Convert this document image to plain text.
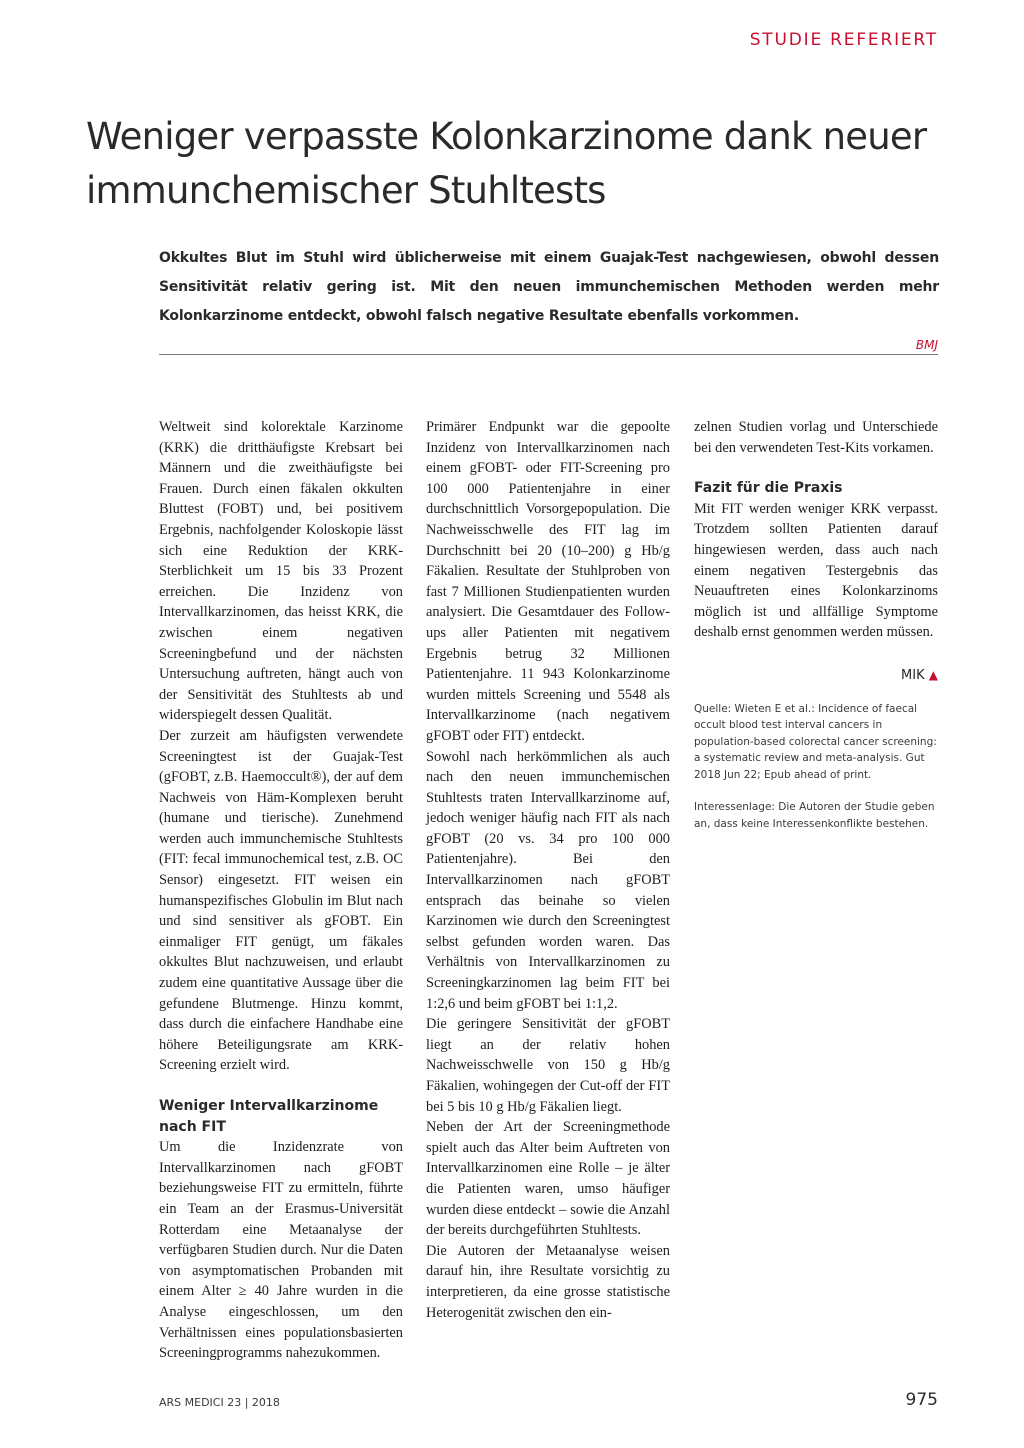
STUDIE REFERIERT
Weniger verpasste Kolonkarzinome dank neuer immunchemischer Stuhltests

Okkultes Blut im Stuhl wird üblicherweise mit einem Guajak-Test nachgewiesen, obwohl dessen Sensitivität relativ gering ist. Mit den neuen immunchemischen Methoden werden mehr Kolonkarzinome entdeckt, obwohl falsch negative Resultate ebenfalls vorkommen.

BMJ

Weltweit sind kolorektale Karzinome (KRK) die dritthäufigste Krebsart bei Männern und die zweithäufigste bei Frauen. Durch einen fäkalen okkulten Bluttest (FOBT) und, bei positivem Ergebnis, nachfolgender Koloskopie lässt sich eine Reduktion der KRK-Sterblichkeit um 15 bis 33 Prozent erreichen. Die Inzidenz von Intervallkarzinomen, das heisst KRK, die zwischen einem negativen Screeningbefund und der nächsten Untersuchung auftreten, hängt auch von der Sensitivität des Stuhltests ab und widerspiegelt dessen Qualität.

Der zurzeit am häufigsten verwendete Screeningtest ist der Guajak-Test (gFOBT, z.B. Haemoccult®), der auf dem Nachweis von Häm-Komplexen beruht (humane und tierische). Zunehmend werden auch immunchemische Stuhltests (FIT: fecal immunochemical test, z.B. OC Sensor) eingesetzt. FIT weisen ein humanspezifisches Globulin im Blut nach und sind sensitiver als gFOBT. Ein einmaliger FIT genügt, um fäkales okkultes Blut nachzuweisen, und erlaubt zudem eine quantitative Aussage über die gefundene Blutmenge. Hinzu kommt, dass durch die einfachere Handhabe eine höhere Beteiligungsrate am KRK-Screening erzielt wird.

Weniger Intervallkarzinome nach FIT

Um die Inzidenzrate von Intervallkarzinomen nach gFOBT beziehungsweise FIT zu ermitteln, führte ein Team an der Erasmus-Universität Rotterdam eine Metaanalyse der verfügbaren Studien durch. Nur die Daten von asymptomatischen Probanden mit einem Alter ≥ 40 Jahre wurden in die Analyse eingeschlossen, um den Verhältnissen eines populationsbasierten Screeningprogramms nahezukommen.

Primärer Endpunkt war die gepoolte Inzidenz von Intervallkarzinomen nach einem gFOBT- oder FIT-Screening pro 100 000 Patientenjahre in einer durchschnittlich Vorsorgepopulation. Die Nachweisschwelle des FIT lag im Durchschnitt bei 20 (10–200) g Hb/g Fäkalien. Resultate der Stuhlproben von fast 7 Millionen Studienpatienten wurden analysiert. Die Gesamtdauer des Follow-ups aller Patienten mit negativem Ergebnis betrug 32 Millionen Patientenjahre. 11 943 Kolonkarzinome wurden mittels Screening und 5548 als Intervallkarzinome (nach negativem gFOBT oder FIT) entdeckt.

Sowohl nach herkömmlichen als auch nach den neuen immunchemischen Stuhltests traten Intervallkarzinome auf, jedoch weniger häufig nach FIT als nach gFOBT (20 vs. 34 pro 100 000 Patientenjahre). Bei den Intervallkarzinomen nach gFOBT entsprach das beinahe so vielen Karzinomen wie durch den Screeningtest selbst gefunden worden waren. Das Verhältnis von Intervallkarzinomen zu Screeningkarzinomen lag beim FIT bei 1:2,6 und beim gFOBT bei 1:1,2.

Die geringere Sensitivität der gFOBT liegt an der relativ hohen Nachweisschwelle von 150 g Hb/g Fäkalien, wohingegen der Cut-off der FIT bei 5 bis 10 g Hb/g Fäkalien liegt.

Neben der Art der Screeningmethode spielt auch das Alter beim Auftreten von Intervallkarzinomen eine Rolle – je älter die Patienten waren, umso häufiger wurden diese entdeckt – sowie die Anzahl der bereits durchgeführten Stuhltests.

Die Autoren der Metaanalyse weisen darauf hin, ihre Resultate vorsichtig zu interpretieren, da eine grosse statistische Heterogenität zwischen den ein-

zelnen Studien vorlag und Unterschiede bei den verwendeten Test-Kits vorkamen.

Fazit für die Praxis

Mit FIT werden weniger KRK verpasst. Trotzdem sollten Patienten darauf hingewiesen werden, dass auch nach einem negativen Testergebnis das Neuauftreten eines Kolonkarzinoms möglich ist und allfällige Symptome deshalb ernst genommen werden müssen.

MIK ▲
Quelle: Wieten E et al.: Incidence of faecal occult blood test interval cancers in population-based colorectal cancer screening: a systematic review and meta-analysis. Gut 2018 Jun 22; Epub ahead of print.
Interessenlage: Die Autoren der Studie geben an, dass keine Interessenkonflikte bestehen.
ARS MEDICI 23 | 2018	975
